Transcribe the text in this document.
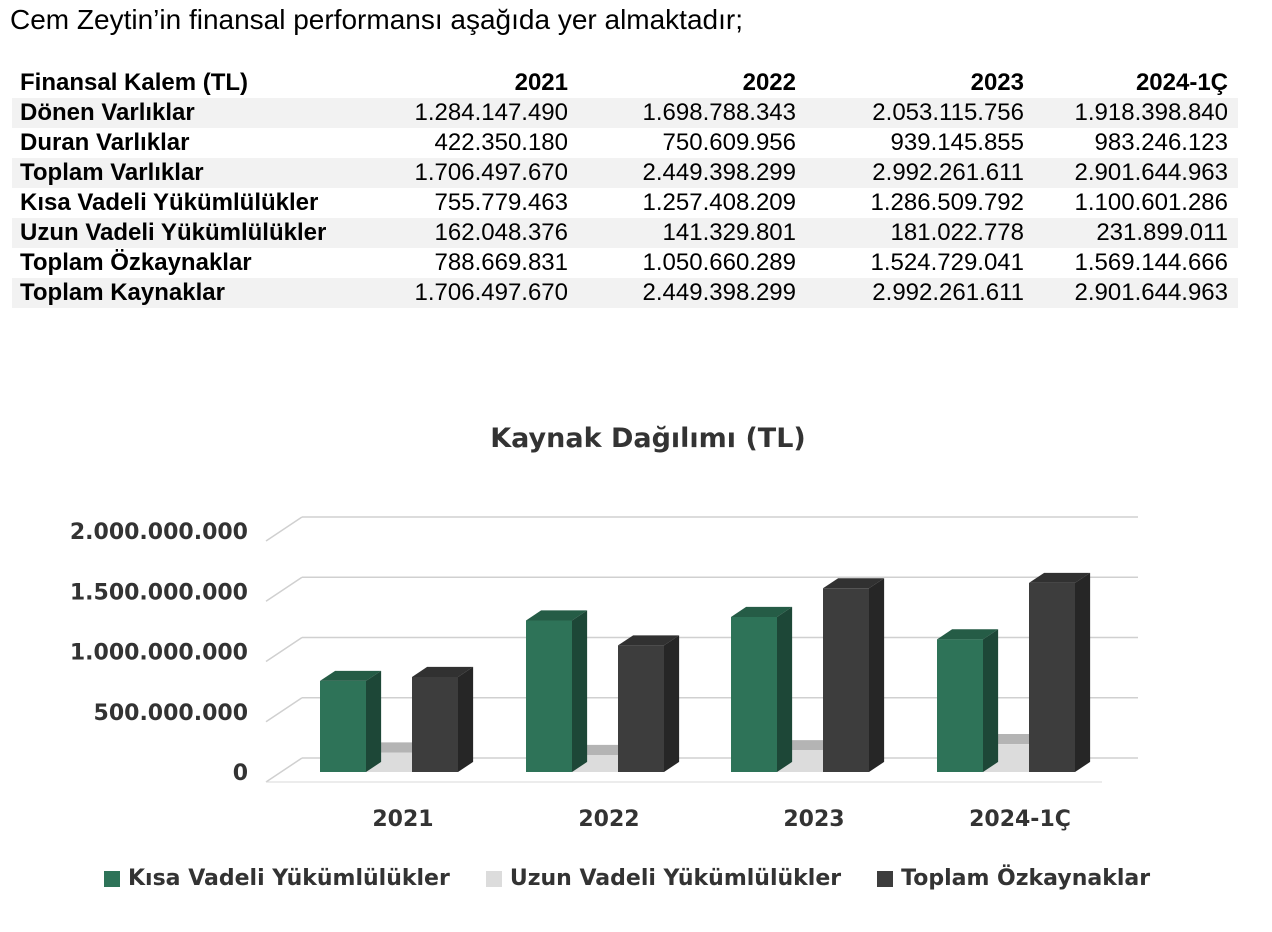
Cem Zeytin’in finansal performansı aşağıda yer almaktadır;
Finansal Kalem (TL)	2021	2022	2023	2024-1Ç
Dönen Varlıklar	1.284.147.490	1.698.788.343	2.053.115.756	1.918.398.840
Duran Varlıklar	422.350.180	750.609.956	939.145.855	983.246.123
Toplam Varlıklar	1.706.497.670	2.449.398.299	2.992.261.611	2.901.644.963
Kısa Vadeli Yükümlülükler	755.779.463	1.257.408.209	1.286.509.792	1.100.601.286
Uzun Vadeli Yükümlülükler	162.048.376	141.329.801	181.022.778	231.899.011
Toplam Özkaynaklar	788.669.831	1.050.660.289	1.524.729.041	1.569.144.666
Toplam Kaynaklar	1.706.497.670	2.449.398.299	2.992.261.611	2.901.644.963
Kaynak Dağılımı (TL)
0
500.000.000
1.000.000.000
1.500.000.000
2.000.000.000
2021	2022	2023	2024-1Ç
Kısa Vadeli Yükümlülükler	Uzun Vadeli Yükümlülükler	Toplam Özkaynaklar
